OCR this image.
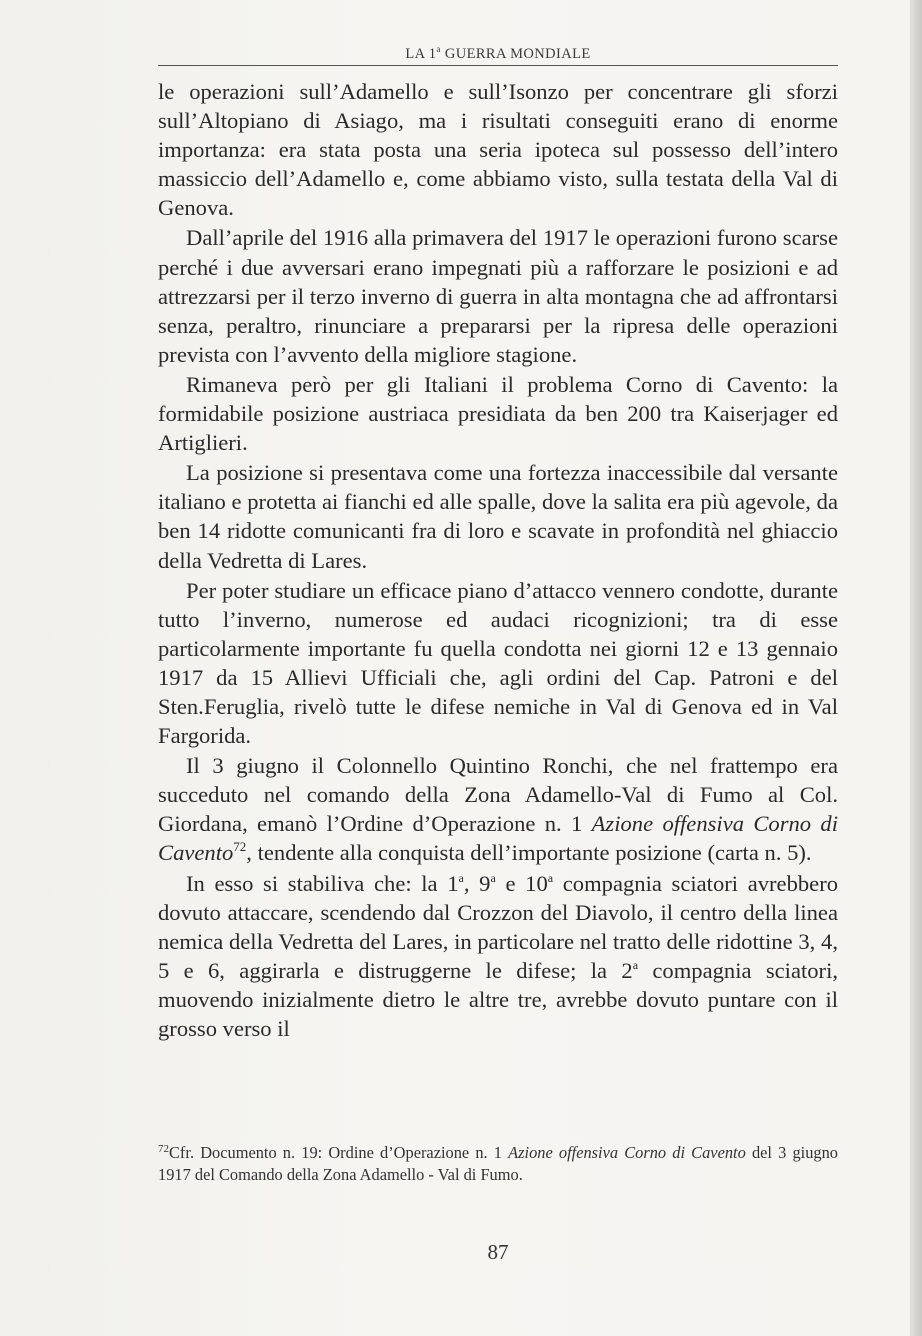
LA 1$^a$ GUERRA MONDIALE

le operazioni sull’Adamello e sull’Isonzo per concentrare gli sforzi sull’Altopiano di Asiago, ma i risultati conseguiti erano di enorme importanza: era stata posta una seria ipoteca sul possesso dell’intero massiccio dell’Adamello e, come abbiamo visto, sulla testata della Val di Genova.

Dall’aprile del 1916 alla primavera del 1917 le operazioni furono scarse perché i due avversari erano impegnati più a rafforzare le posizioni e ad attrezzarsi per il terzo inverno di guerra in alta montagna che ad affrontarsi senza, peraltro, rinunciare a prepararsi per la ripresa delle operazioni prevista con l’avvento della migliore stagione.

Rimaneva però per gli Italiani il problema Corno di Cavento: la formidabile posizione austriaca presidiata da ben 200 tra Kaiserjager ed Artiglieri.

La posizione si presentava come una fortezza inaccessibile dal versante italiano e protetta ai fianchi ed alle spalle, dove la salita era più agevole, da ben 14 ridotte comunicanti fra di loro e scavate in profondità nel ghiaccio della Vedretta di Lares.

Per poter studiare un efficace piano d’attacco vennero condotte, durante tutto l’inverno, numerose ed audaci ricognizioni; tra di esse particolarmente importante fu quella condotta nei giorni 12 e 13 gennaio 1917 da 15 Allievi Ufficiali che, agli ordini del Cap. Patroni e del Sten.Feruglia, rivelò tutte le difese nemiche in Val di Genova ed in Val Fargorida.

Il 3 giugno il Colonnello Quintino Ronchi, che nel frattempo era succeduto nel comando della Zona Adamello-Val di Fumo al Col. Giordana, emanò l’Ordine d’Operazione n. 1 Azione offensiva Corno di Cavento$^{72}$, tendente alla conquista dell’importante posizione (carta n. 5).

In esso si stabiliva che: la 1$^a$, 9$^a$ e 10$^a$ compagnia sciatori avrebbero dovuto attaccare, scendendo dal Crozzon del Diavolo, il centro della linea nemica della Vedretta del Lares, in particolare nel tratto delle ridottine 3, 4, 5 e 6, aggirarla e distruggerne le difese; la 2$^a$ compagnia sciatori, muovendo inizialmente dietro le altre tre, avrebbe dovuto puntare con il grosso verso il

$^{72}$Cfr. Documento n. 19: Ordine d’Operazione n. 1 Azione offensiva Corno di Cavento del 3 giugno 1917 del Comando della Zona Adamello - Val di Fumo.
87
